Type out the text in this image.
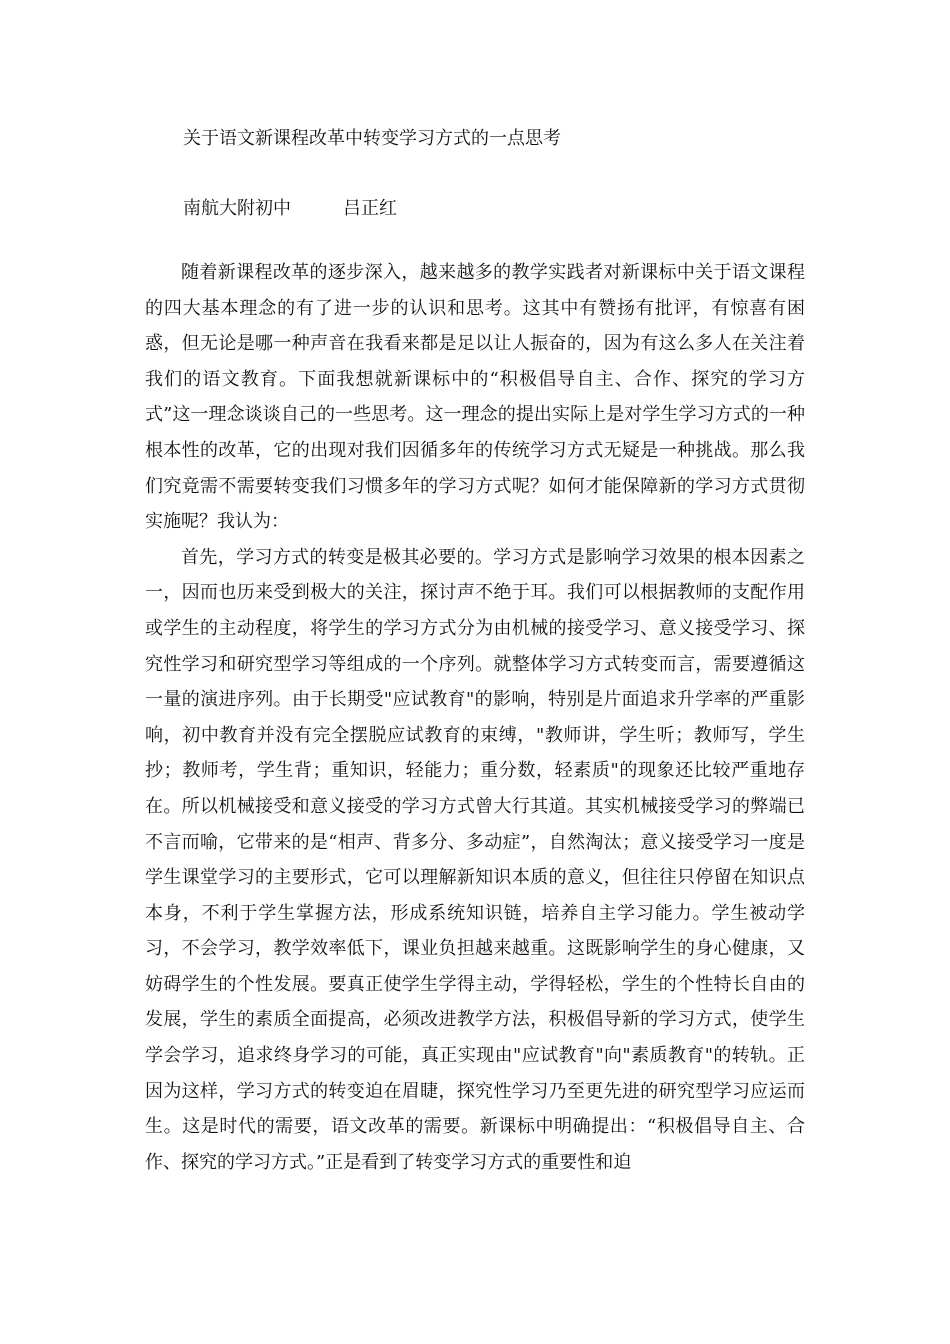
关于语文新课程改革中转变学习方式的一点思考
南航大附初中	吕正红

随着新课程改革的逐步深入，越来越多的教学实践者对新课标中关于语文课程的四大基本理念的有了进一步的认识和思考。这其中有赞扬有批评，有惊喜有困惑，但无论是哪一种声音在我看来都是足以让人振奋的，因为有这么多人在关注着我们的语文教育。下面我想就新课标中的“积极倡导自主、合作、探究的学习方式”这一理念谈谈自己的一些思考。这一理念的提出实际上是对学生学习方式的一种根本性的改革，它的出现对我们因循多年的传统学习方式无疑是一种挑战。那么我们究竟需不需要转变我们习惯多年的学习方式呢？如何才能保障新的学习方式贯彻实施呢？我认为：

首先，学习方式的转变是极其必要的。学习方式是影响学习效果的根本因素之一，因而也历来受到极大的关注，探讨声不绝于耳。我们可以根据教师的支配作用或学生的主动程度，将学生的学习方式分为由机械的接受学习、意义接受学习、探究性学习和研究型学习等组成的一个序列。就整体学习方式转变而言，需要遵循这一量的演进序列。由于长期受"应试教育"的影响，特别是片面追求升学率的严重影响，初中教育并没有完全摆脱应试教育的束缚，"教师讲，学生听；教师写，学生抄；教师考，学生背；重知识，轻能力；重分数，轻素质"的现象还比较严重地存在。所以机械接受和意义接受的学习方式曾大行其道。其实机械接受学习的弊端已不言而喻，它带来的是“相声、背多分、多动症”，自然淘汰；意义接受学习一度是学生课堂学习的主要形式，它可以理解新知识本质的意义，但往往只停留在知识点本身，不利于学生掌握方法，形成系统知识链，培养自主学习能力。学生被动学习，不会学习，教学效率低下，课业负担越来越重。这既影响学生的身心健康，又妨碍学生的个性发展。要真正使学生学得主动，学得轻松，学生的个性特长自由的发展，学生的素质全面提高，必须改进教学方法，积极倡导新的学习方式，使学生学会学习，追求终身学习的可能，真正实现由"应试教育"向"素质教育"的转轨。正因为这样，学习方式的转变迫在眉睫，探究性学习乃至更先进的研究型学习应运而生。这是时代的需要，语文改革的需要。新课标中明确提出：“积极倡导自主、合作、探究的学习方式。”正是看到了转变学习方式的重要性和迫
